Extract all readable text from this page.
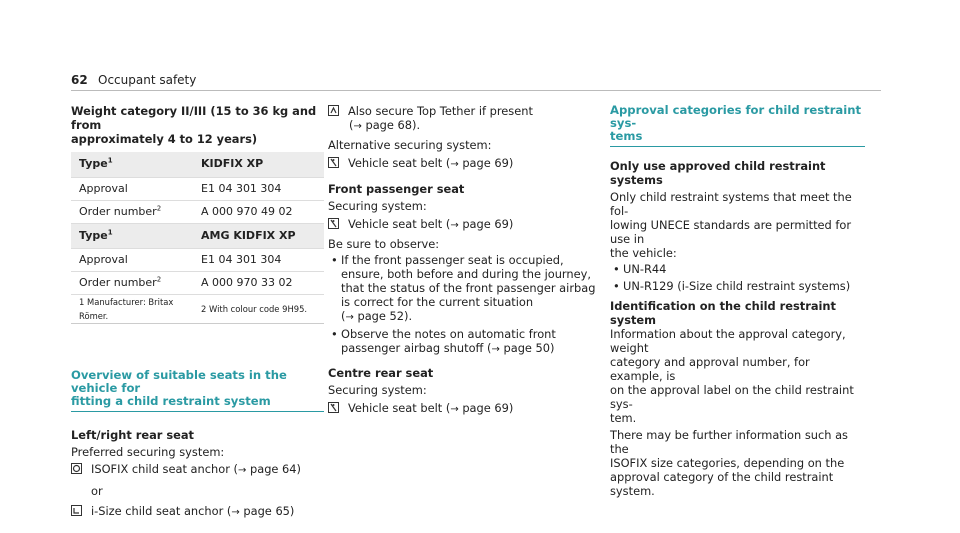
62 Occupant safety
Weight category II/III (15 to 36 kg and from
approximately 4 to 12 years)
Type$^1$	KIDFIX XP
Approval	E1 04 301 304
Order number$^2$	A 000 970 49 02
Type$^1$	AMG KIDFIX XP
Approval	E1 04 301 304
Order number$^2$	A 000 970 33 02
1 Manufacturer: Britax Römer.	2 With colour code 9H95.
Overview of suitable seats in the vehicle for
fitting a child restraint system
Left/right rear seat
Preferred securing system:
ISOFIX child seat anchor (→ page 64)
or
i-Size child seat anchor (→ page 65)
Also secure Top Tether if present
(→ page 68).
Alternative securing system:
Vehicle seat belt (→ page 69)
Front passenger seat
Securing system:
Vehicle seat belt (→ page 69)
Be sure to observe:
• If the front passenger seat is occupied,
ensure, both before and during the journey,
that the status of the front passenger airbag
is correct for the current situation
(→ page 52).
• Observe the notes on automatic front
passenger airbag shutoff (→ page 50)
Centre rear seat
Securing system:
Vehicle seat belt (→ page 69)
Approval categories for child restraint sys-
tems
Only use approved child restraint systems
Only child restraint systems that meet the fol-
lowing UNECE standards are permitted for use in
the vehicle:
• UN-R44
• UN-R129 (i-Size child restraint systems)
Identification on the child restraint system
Information about the approval category, weight
category and approval number, for example, is
on the approval label on the child restraint sys-
tem.
There may be further information such as the
ISOFIX size categories, depending on the
approval category of the child restraint system.
